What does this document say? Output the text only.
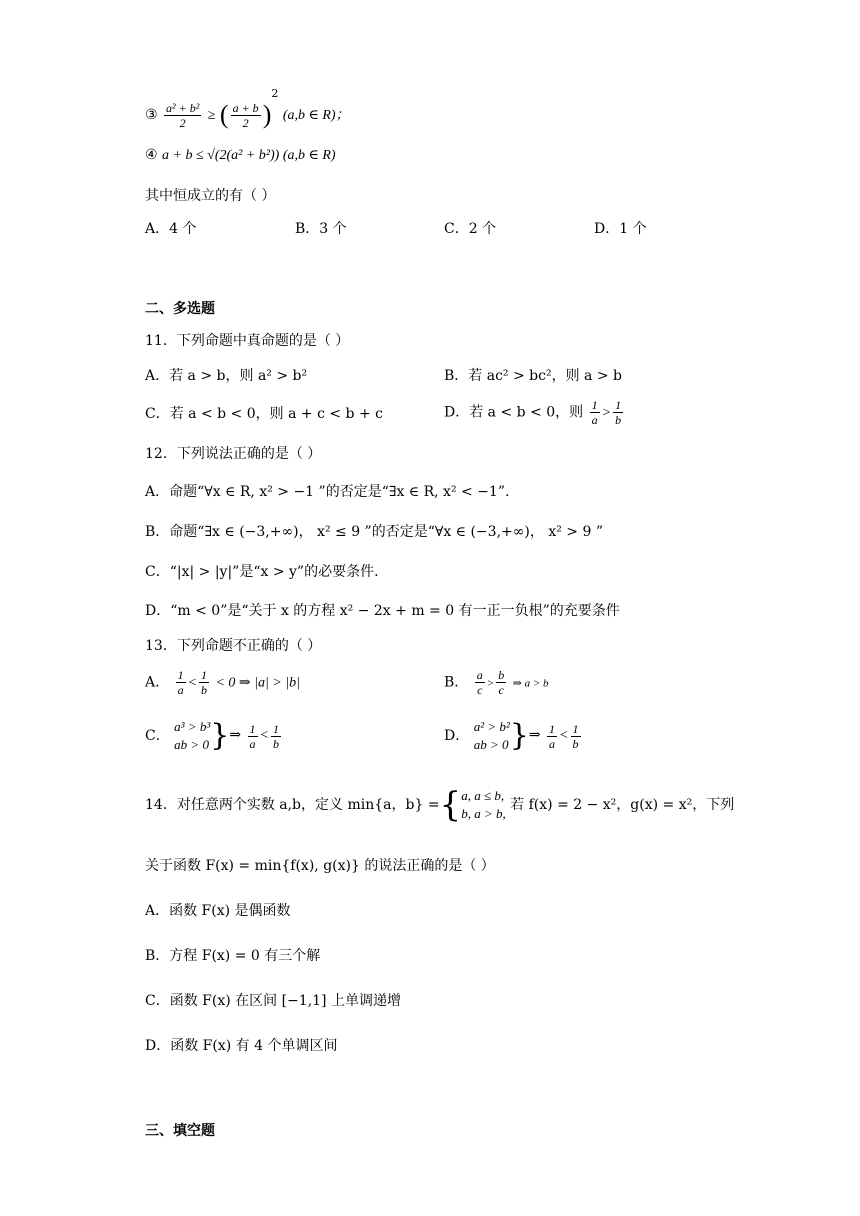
③ $\frac{\text{a² + b²}}{2}$ ≥ ( $\frac{a + b}{2} )^2$ (a,b ∈ R)；
④ a + b ≤ √(2(a² + b²)) (a,b ∈ R)
其中恒成立的有（ ）
A．4 个	B．3 个	C．2 个	D．1 个
二、多选题
11．下列命题中真命题的是（ ）
A．若 a > b，则 a² > b²	B．若 ac² > bc²，则 a > b
C．若 a < b < 0，则 a + c < b + c	D．若 a < b < 0，则 $\frac{1}{a} > \frac{1}{b}$
12．下列说法正确的是（ ）
A．命题“∀x ∈ R, x² > −1 ”的否定是“∃x ∈ R, x² < −1”.
B．命题“∃x ∈ (−3,+∞)， x² ≤ 9 ”的否定是“∀x ∈ (−3,+∞)， x² > 9 ”
C．“|x| > |y|”是“x > y”的必要条件.
D．“m < 0”是“关于 x 的方程 x² − 2x + m = 0 有一正一负根”的充要条件
13．下列命题不正确的（ ）
A． $\frac{1}{a} < \frac{1}{b} < 0$ ⇒ |a| > |b|	B． $\frac{a}{c} > \frac{b}{c}$ ⇒ a > b
C．
a³ > b³
ab > 0 }⇒ $\frac{1}{a} < \frac{1}{b}$	D．
a² > b²
ab > 0 }⇒ $\frac{1}{a} < \frac{1}{b}$
14．对任意两个实数 a,b，定义 min{a，b} ={ a, a ≤ b,
b, a > b,
若 f(x) = 2 − x²，g(x) = x²，下列
关于函数 F(x) = min{f(x), g(x)} 的说法正确的是（ ）
A．函数 F(x) 是偶函数
B．方程 F(x) = 0 有三个解
C．函数 F(x) 在区间 [−1,1] 上单调递增
D．函数 F(x) 有 4 个单调区间
三、填空题
